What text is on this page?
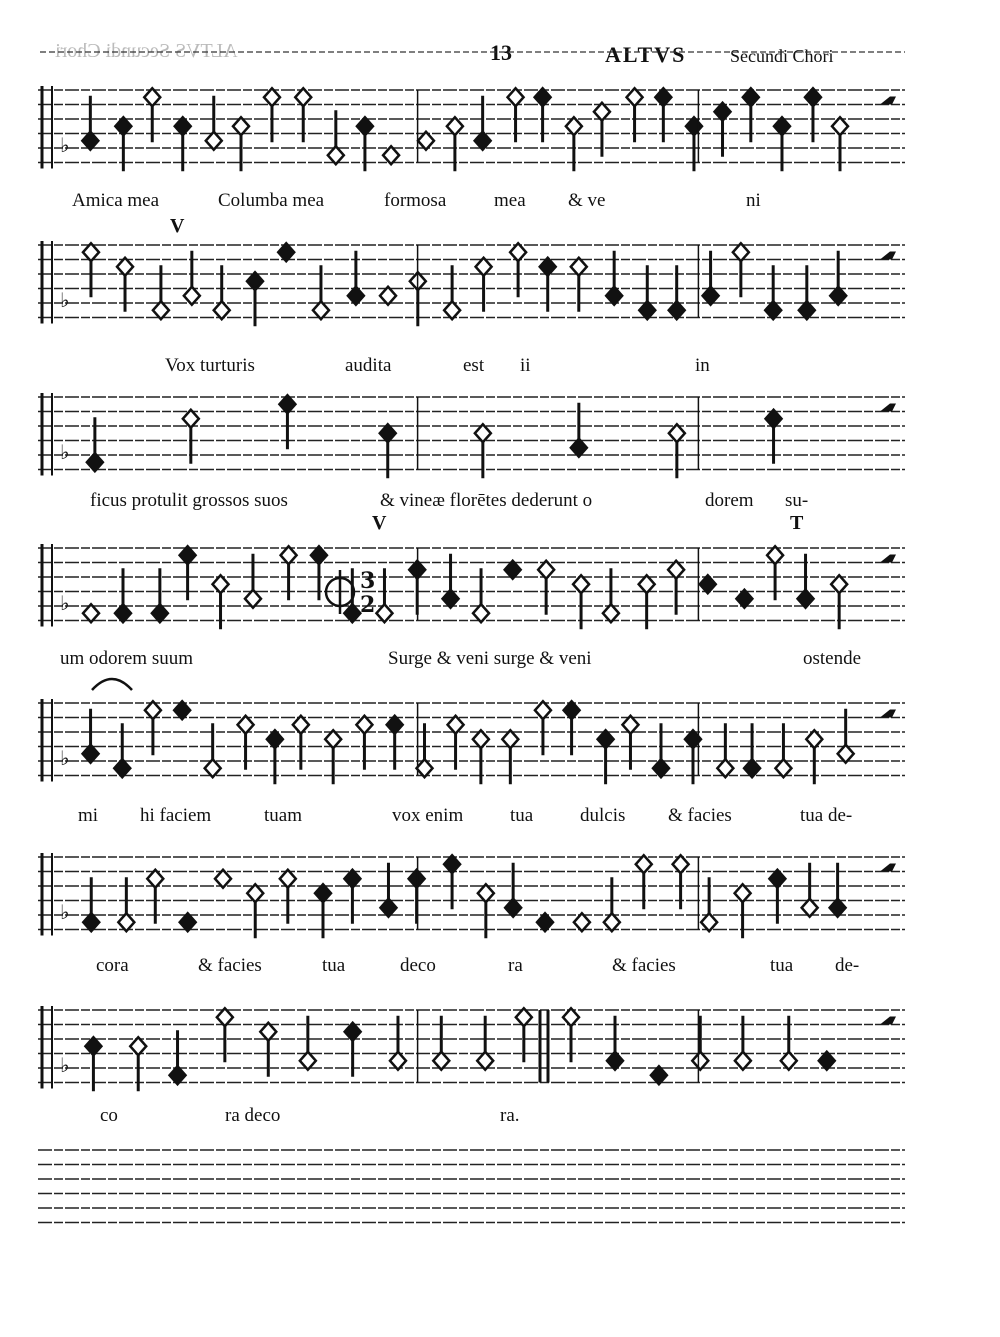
ALTVS Secundi Chori	13	ALTVS Secundi Chori
♭
♭
♭
♭
♭
♭
♭
3
2
V
V	T
Amica mea	Columba mea	formosa	mea & ve	ni
Vox turturis	audita	est ii	in
ficus protulit grossos suos	& vineæ florētes dederunt o	dorem su-
um odorem suum	Surge & veni surge & veni	ostende
mi hi faciem	tuam	vox enim tua dulcis & facies	tua de-
cora	& facies	tua	deco	ra	& facies	tua de-
co	ra deco	ra.
